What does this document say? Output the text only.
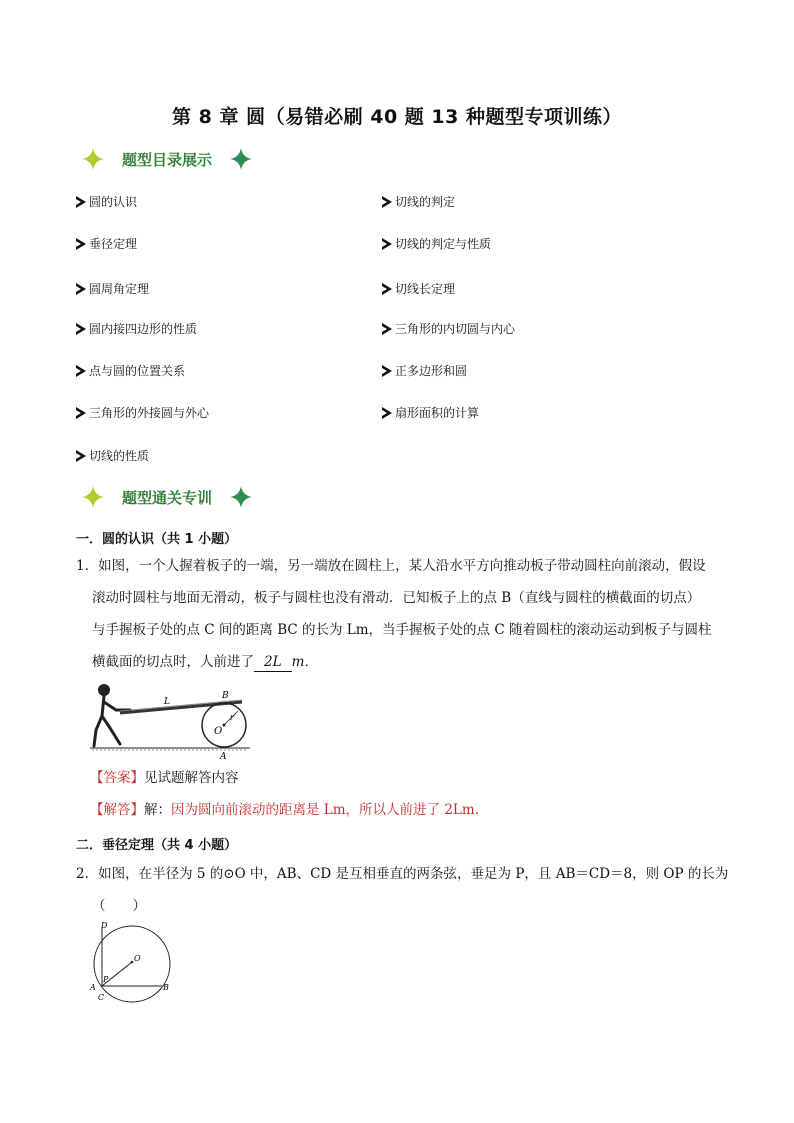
第 8 章 圆（易错必刷 40 题 13 种题型专项训练）
题型目录展示
圆的认识
垂径定理
圆周角定理
圆内接四边形的性质
点与圆的位置关系
三角形的外接圆与外心
切线的性质
切线的判定
切线的判定与性质
切线长定理
三角形的内切圆与内心
正多边形和圆
扇形面积的计算
题型通关专训
一．圆的认识（共 1 小题）
1．如图，一个人握着板子的一端，另一端放在圆柱上，某人沿水平方向推动板子带动圆柱向前滚动，假设
滚动时圆柱与地面无滑动，板子与圆柱也没有滑动．已知板子上的点 B（直线与圆柱的横截面的切点）
与手握板子处的点 C 间的距离 BC 的长为 Lm，当手握板子处的点 C 随着圆柱的滚动运动到板子与圆柱
横截面的切点时，人前进了 2L m．
L
B
r
O
A
【答案】见试题解答内容
【解答】解：因为圆向前滚动的距离是 Lm，所以人前进了 2Lm．
二．垂径定理（共 4 小题）
2．如图，在半径为 5 的⊙O 中，AB、CD 是互相垂直的两条弦，垂足为 P，且 AB＝CD＝8，则 OP 的长为
（　　）
D
O
P
A	B
C
